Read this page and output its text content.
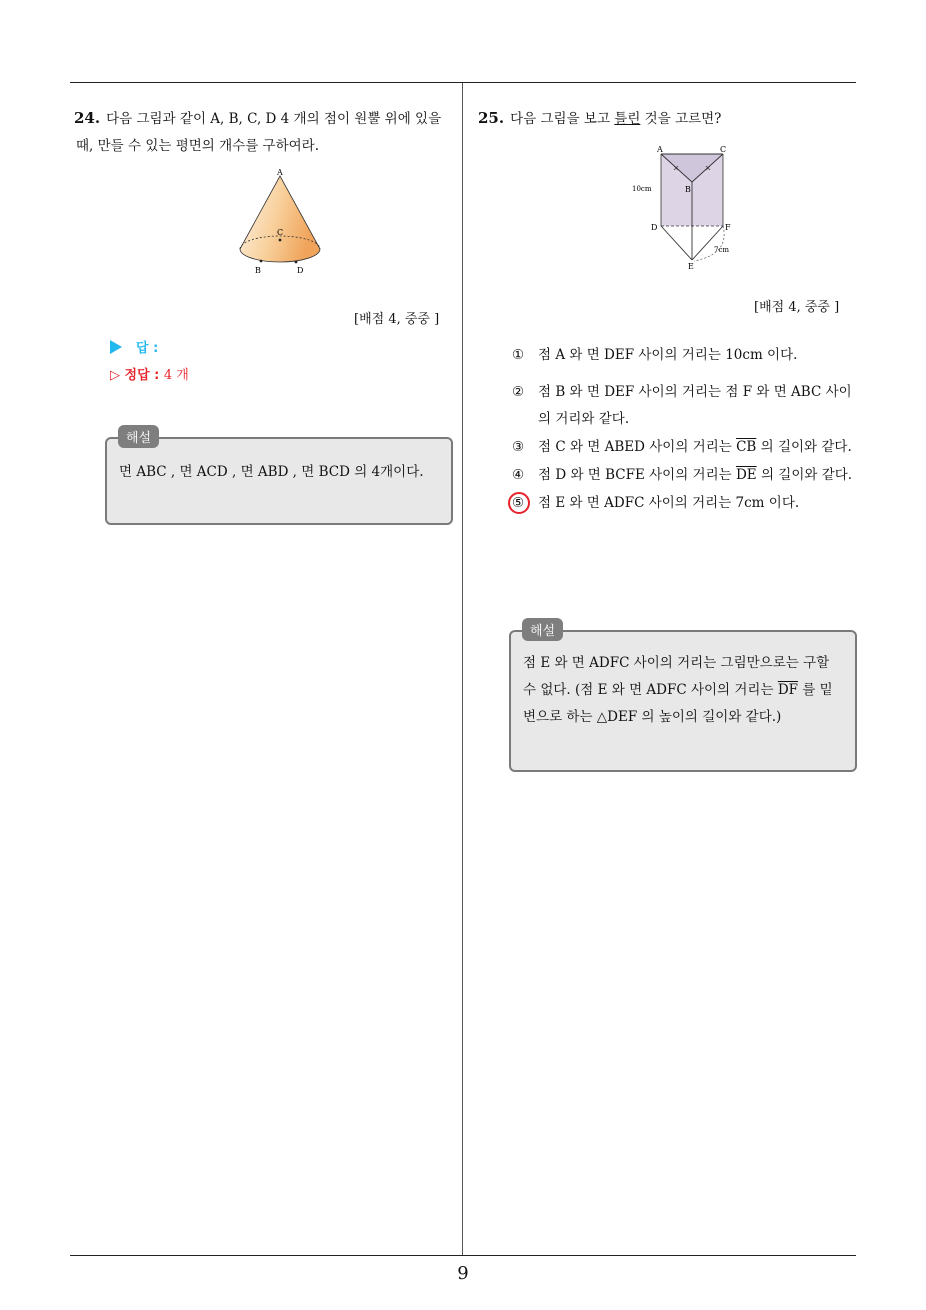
9
24. 다음 그림과 같이 A, B, C, D 4 개의 점이 원뿔 위에 있을 때, 만들 수 있는 평면의 개수를 구하여라.
A
C
B	D
[배점 4, 중중 ]
답 :
▷ 정답 : 4 개
면 ABC , 면 ACD , 면 ABD , 면 BCD 의 4개이다.
해설
25. 다음 그림을 보고 틀린 것을 고르면?
A	C
B
D	F
E
10cm
7cm
[배점 4, 중중 ]
① 점 A 와 면 DEF 사이의 거리는 10cm 이다.
② 점 B 와 면 DEF 사이의 거리는 점 F 와 면 ABC 사이의 거리와 같다.
③ 점 C 와 면 ABED 사이의 거리는 $\overline{CB}$ 의 길이와 같다.
④ 점 D 와 면 BCFE 사이의 거리는 $\overline{DE}$ 의 길이와 같다.
⑤ 점 E 와 면 ADFC 사이의 거리는 7cm 이다.
점 E 와 면 ADFC 사이의 거리는 그림만으로는 구할 수 없다. (점 E 와 면 ADFC 사이의 거리는 $\overline{DF}$ 를 밑변으로 하는 △DEF 의 높이의 길이와 같다.)
해설
